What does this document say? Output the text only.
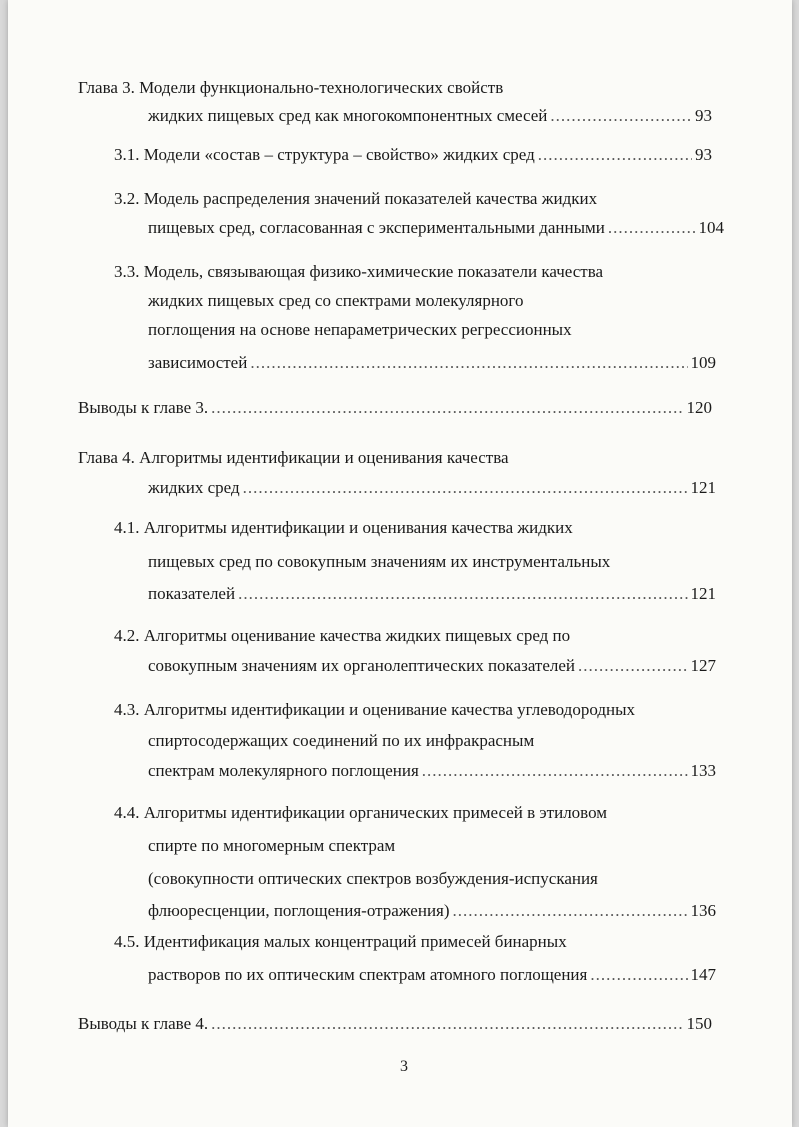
Глава 3. Модели функционально-технологических свойств
жидких пищевых сред как многокомпонентных смесей .....	93
3.1. Модели «состав – структура – свойство» жидких сред .....	93
3.2. Модель распределения значений показателей качества жидких
пищевых сред, согласованная с экспериментальными данными .....	104
3.3. Модель, связывающая физико-химические показатели качества
жидких пищевых сред со спектрами молекулярного
поглощения на основе непараметрических регрессионных
зависимостей .....	109
Выводы к главе 3. .....	120
Глава 4. Алгоритмы идентификации и оценивания качества
жидких сред .....	121
4.1. Алгоритмы идентификации и оценивания качества жидких
пищевых сред по совокупным значениям их инструментальных
показателей .....	121
4.2. Алгоритмы оценивание качества жидких пищевых сред по
совокупным значениям их органолептических показателей .....	127
4.3. Алгоритмы идентификации и оценивание качества углеводородных
спиртосодержащих соединений по их инфракрасным
спектрам молекулярного поглощения .....	133
4.4. Алгоритмы идентификации органических примесей в этиловом
спирте по многомерным спектрам
(совокупности оптических спектров возбуждения-испускания
флюоресценции, поглощения-отражения) .....	136
4.5. Идентификация малых концентраций примесей бинарных
растворов по их оптическим спектрам атомного поглощения .....	147
Выводы к главе 4. .....	150
3
